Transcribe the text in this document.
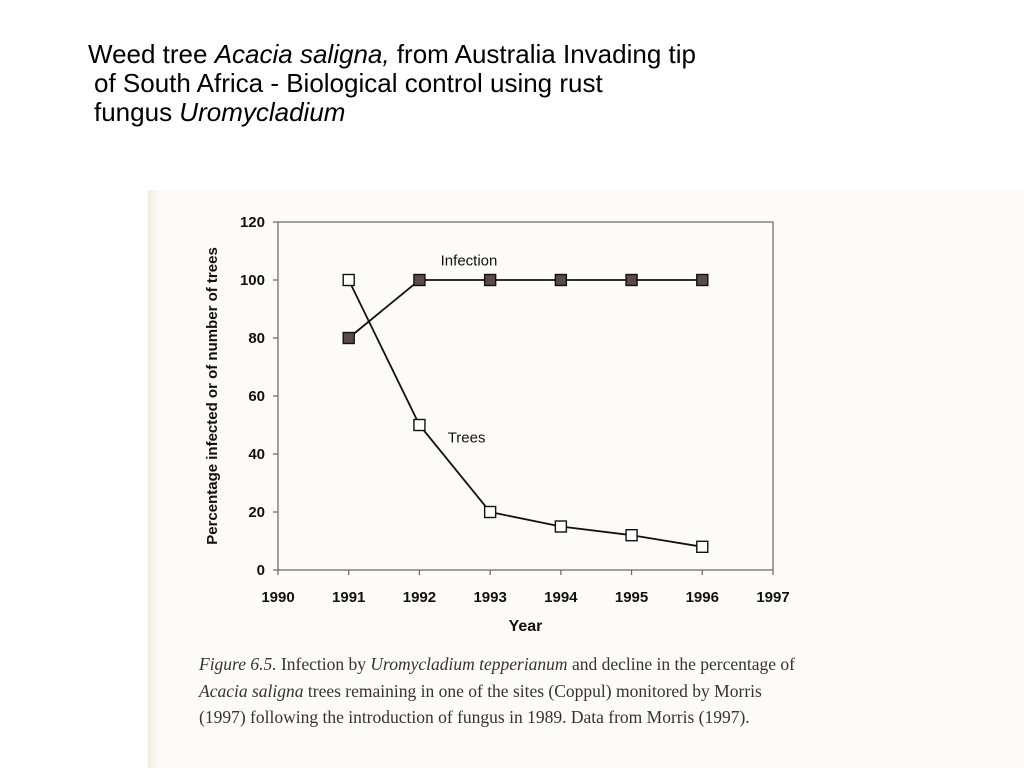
Weed tree Acacia saligna, from Australia Invading tip
of South Africa - Biological control using rust
fungus Uromycladium
0
20
40
60
80
100
120
1990 1991 1992 1993 1994 1995 1996 1997
Year
Percentage infected or of number of trees	Infection
Trees
Figure 6.5. Infection by Uromycladium tepperianum and decline in the percentage of
Acacia saligna trees remaining in one of the sites (Coppul) monitored by Morris
(1997) following the introduction of fungus in 1989. Data from Morris (1997).
